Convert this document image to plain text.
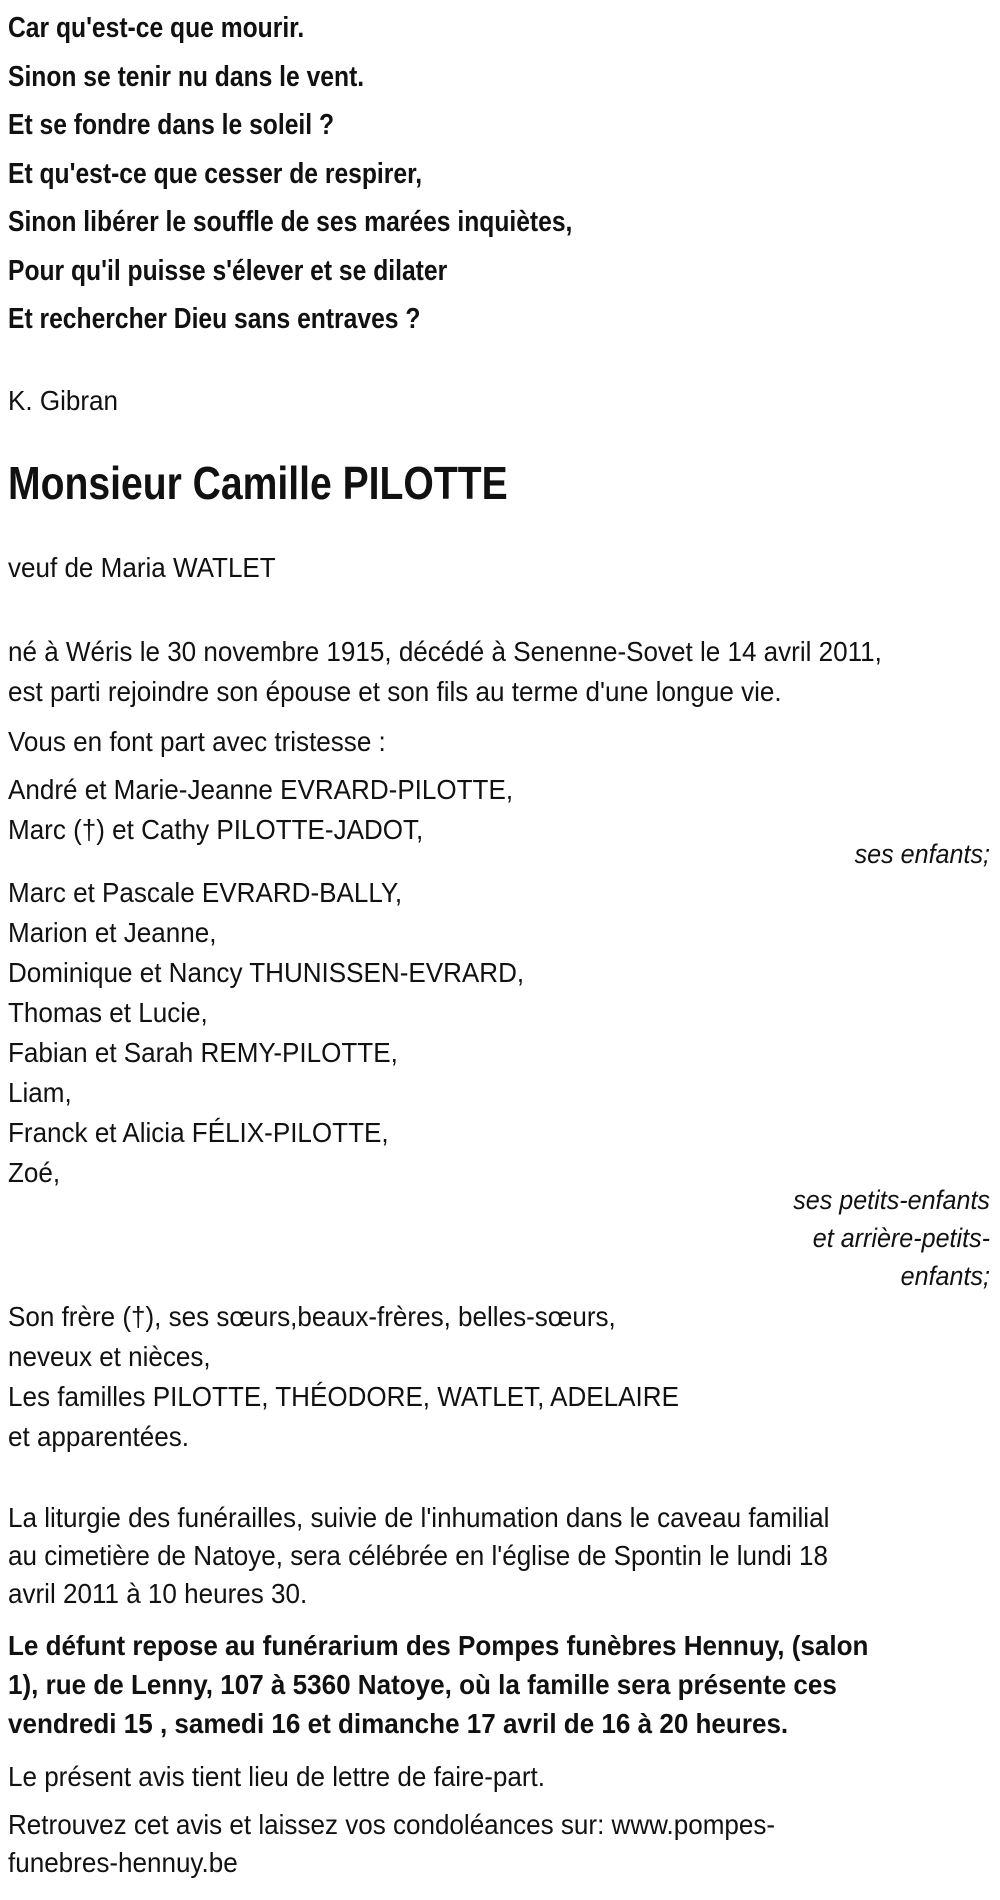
Car qu'est-ce que mourir.
Sinon se tenir nu dans le vent.
Et se fondre dans le soleil ?
Et qu'est-ce que cesser de respirer,
Sinon libérer le souffle de ses marées inquiètes,
Pour qu'il puisse s'élever et se dilater
Et rechercher Dieu sans entraves ?
K. Gibran
Monsieur Camille PILOTTE
veuf de Maria WATLET
né à Wéris le 30 novembre 1915, décédé à Senenne-Sovet le 14 avril 2011,
est parti rejoindre son épouse et son fils au terme d'une longue vie.
Vous en font part avec tristesse :
André et Marie-Jeanne EVRARD-PILOTTE,
Marc (†) et Cathy PILOTTE-JADOT,
ses enfants;
Marc et Pascale EVRARD-BALLY,
Marion et Jeanne,
Dominique et Nancy THUNISSEN-EVRARD,
Thomas et Lucie,
Fabian et Sarah REMY-PILOTTE,
Liam,
Franck et Alicia FÉLIX-PILOTTE,
Zoé,
ses petits-enfants
et arrière-petits-
enfants;
Son frère (†), ses sœurs,beaux-frères, belles-sœurs,
neveux et nièces,
Les familles PILOTTE, THÉODORE, WATLET, ADELAIRE
et apparentées.
La liturgie des funérailles, suivie de l'inhumation dans le caveau familial
au cimetière de Natoye, sera célébrée en l'église de Spontin le lundi 18
avril 2011 à 10 heures 30.
Le défunt repose au funérarium des Pompes funèbres Hennuy, (salon
1), rue de Lenny, 107 à 5360 Natoye, où la famille sera présente ces
vendredi 15 , samedi 16 et dimanche 17 avril de 16 à 20 heures.
Le présent avis tient lieu de lettre de faire-part.
Retrouvez cet avis et laissez vos condoléances sur: www.pompes-
funebres-hennuy.be
